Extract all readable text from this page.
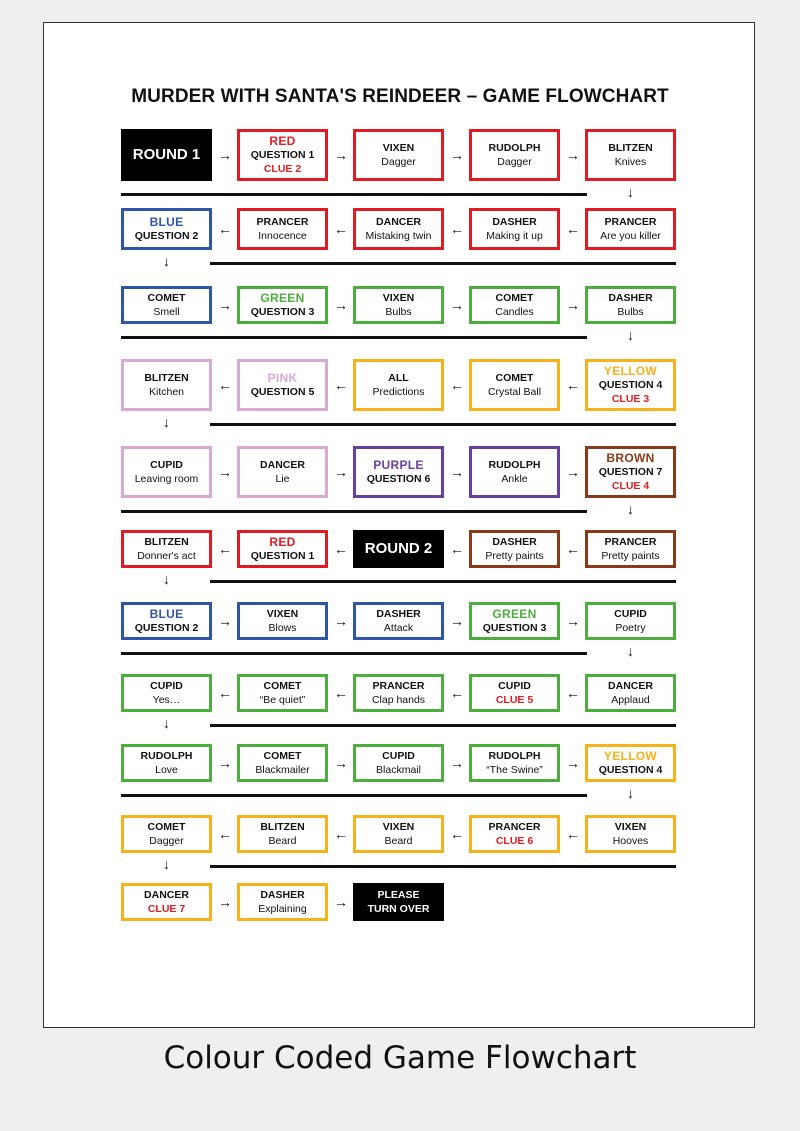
MURDER WITH SANTA'S REINDEER – GAME FLOWCHART
ROUND 1 →
RED
QUESTION 1
CLUE 2
→	VIXEN
Dagger → RUDOLPH
Dagger →	BLITZEN
Knives
↓
BLUE
QUESTION 2 ← PRANCER
Innocence ←	DANCER
Mistaking twin ←	DASHER
Making it up ← PRANCER
Are you killer
↓
COMET
Smell	→ GREEN
QUESTION 3 →	VIXEN
Bulbs	→	COMET
Candles →	DASHER
Bulbs
↓
BLITZEN
Kitchen ←	PINK
QUESTION 5 ←	ALL
Predictions ←	COMET
Crystal Ball ←
YELLOW
QUESTION 4
CLUE 3
↓
CUPID
Leaving room →	DANCER
Lie	→ PURPLE
QUESTION 6 → RUDOLPH
Ankle	→
BROWN
QUESTION 7
CLUE 4
↓
BLITZEN
Donner's act ←	RED
QUESTION 1 ← ROUND 2 ←	DASHER
Pretty paints ← PRANCER
Pretty paints
↓
BLUE
QUESTION 2 →	VIXEN
Blows	→	DASHER
Attack	→ GREEN
QUESTION 3 →	CUPID
Poetry
↓
CUPID
Yes…	←	COMET
“Be quiet” ← PRANCER
Clap hands ←	CUPID
CLUE 5 ←	DANCER
Applaud
↓
RUDOLPH
Love	→	COMET
Blackmailer →	CUPID
Blackmail → RUDOLPH
“The Swine” → YELLOW
QUESTION 4
↓
COMET
Dagger ←	BLITZEN
Beard	←	VIXEN
Beard	← PRANCER
CLUE 6 ←	VIXEN
Hooves
↓
DANCER
CLUE 7 →	DASHER
Explaining →	PLEASE
TURN OVER
Colour Coded Game Flowchart
